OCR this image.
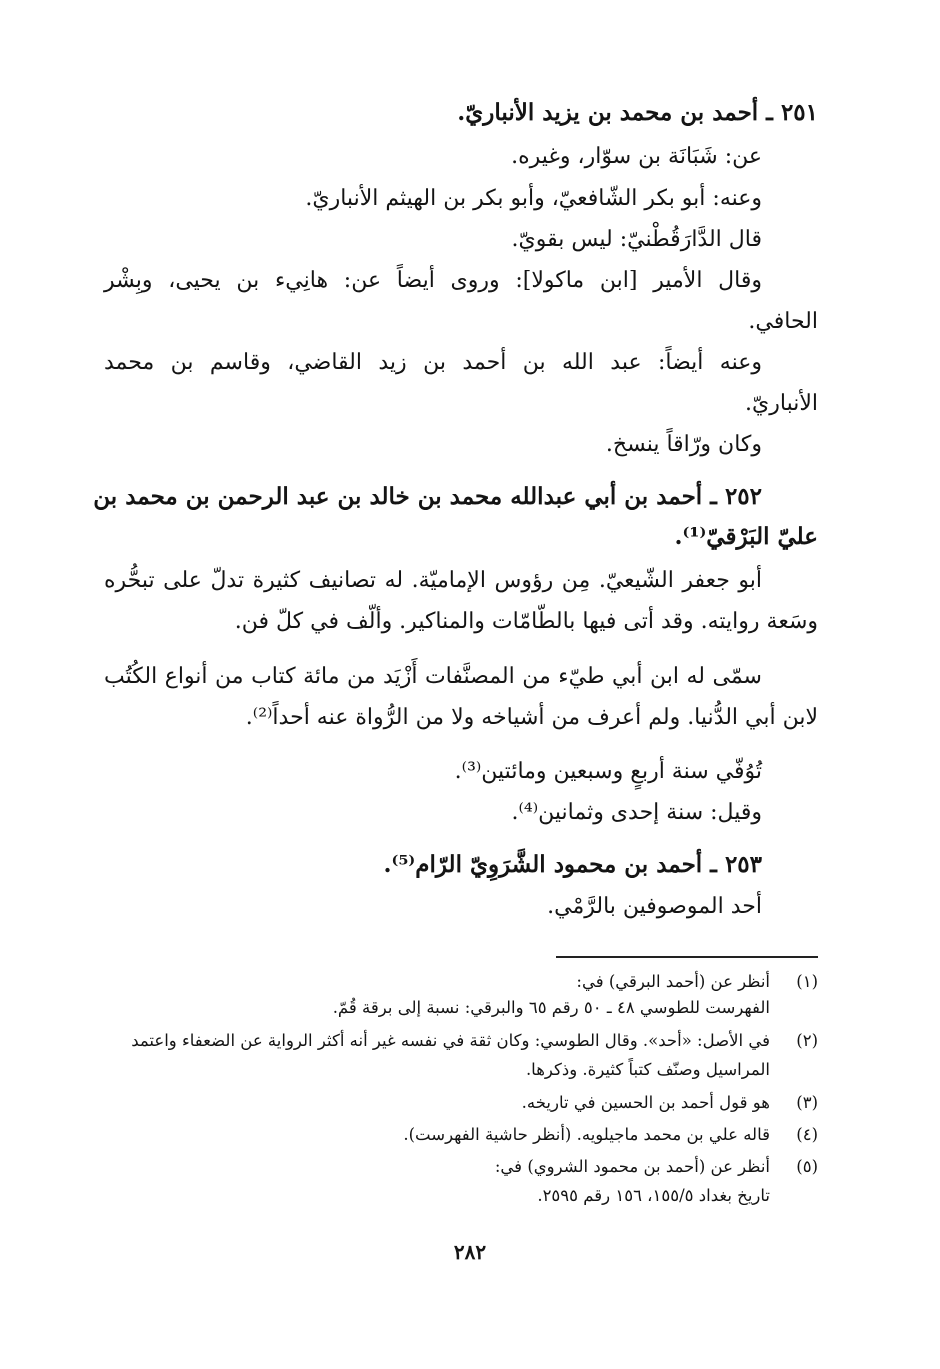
٢٥١ ـ أحمد بن محمد بن يزيد الأنباريّ.
عن: شَبَانَة بن سوّار، وغيره.
وعنه: أبو بكر الشّافعيّ، وأبو بكر بن الهيثم الأنباريّ.
قال الدَّارَقُطْنيّ: ليس بقويّ.
وقال الأمير [ابن ماكولا]: وروى أيضاً عن: هانِيء بن يحيى، وبِشْر
الحافي.
وعنه أيضاً: عبد الله بن أحمد بن زيد القاضي، وقاسم بن محمد
الأنباريّ.
وكان ورّاقاً ينسخ.
٢٥٢ ـ أحمد بن أبي عبدالله محمد بن خالد بن عبد الرحمن بن محمد بن
عليّ البَرْقيّ⁽¹⁾.
أبو جعفر الشّيعيّ. مِن رؤوس الإماميّة. له تصانيف كثيرة تدلّ على تبحُّره
وسَعة روايته. وقد أتى فيها بالطّامّات والمناكير. وألّف في كلّ فن.
سمّى له ابن أبي طيّء من المصنَّفات أَزْيَد من مائة كتاب من أنواع الكُتُب
لابن أبي الدُّنيا. ولم أعرف من أشياخه ولا من الرُّواة عنه أحداً⁽²⁾.
تُوُفّي سنة أربعٍ وسبعين ومائتين⁽³⁾.
وقيل: سنة إحدى وثمانين⁽⁴⁾.
٢٥٣ ـ أحمد بن محمود الشَّرَوِيّ الرّام⁽⁵⁾.
أحد الموصوفين بالرَّمْي.
(١)أنظر عن (أحمد البرقي) في:
الفهرست للطوسي ٤٨ ـ ٥٠ رقم ٦٥ والبرقي: نسبة إلى برقة قُمّ.
(٢)في الأصل: «أحد». وقال الطوسي: وكان ثقة في نفسه غير أنه أكثر الرواية عن الضعفاء واعتمد
المراسيل وصنّف كتباً كثيرة. وذكرها.
(٣)هو قول أحمد بن الحسين في تاريخه.
(٤)قاله علي بن محمد ماجيلويه. (أنظر حاشية الفهرست).
(٥)أنظر عن (أحمد بن محمود الشروي) في:
تاريخ بغداد ١٥٥/٥، ١٥٦ رقم ٢٥٩٥.
٢٨٢
